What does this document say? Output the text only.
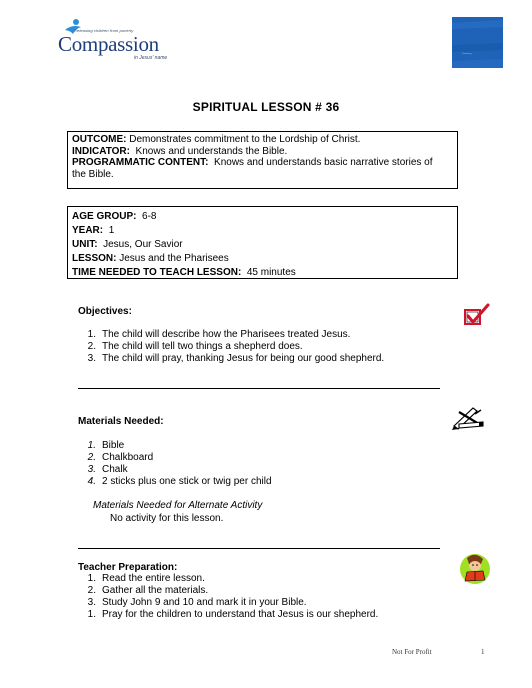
Releasing children from poverty
Compassion
in Jesus' name
SPIRITUAL LESSON # 36
OUTCOME: Demonstrates commitment to the Lordship of Christ.
INDICATOR: Knows and understands the Bible.
PROGRAMMATIC CONTENT: Knows and understands basic narrative stories of
the Bible.
AGE GROUP: 6-8
YEAR: 1
UNIT: Jesus, Our Savior
LESSON: Jesus and the Pharisees
TIME NEEDED TO TEACH LESSON: 45 minutes
Objectives:
1. The child will describe how the Pharisees treated Jesus.
2. The child will tell two things a shepherd does.
3. The child will pray, thanking Jesus for being our good shepherd.
Materials Needed:
1. Bible
2. Chalkboard
3. Chalk
4. 2 sticks plus one stick or twig per child
Materials Needed for Alternate Activity
No activity for this lesson.
Teacher Preparation:
1. Read the entire lesson.
2. Gather all the materials.
3. Study John 9 and 10 and mark it in your Bible.
1. Pray for the children to understand that Jesus is our shepherd.
Not For Profit	1
